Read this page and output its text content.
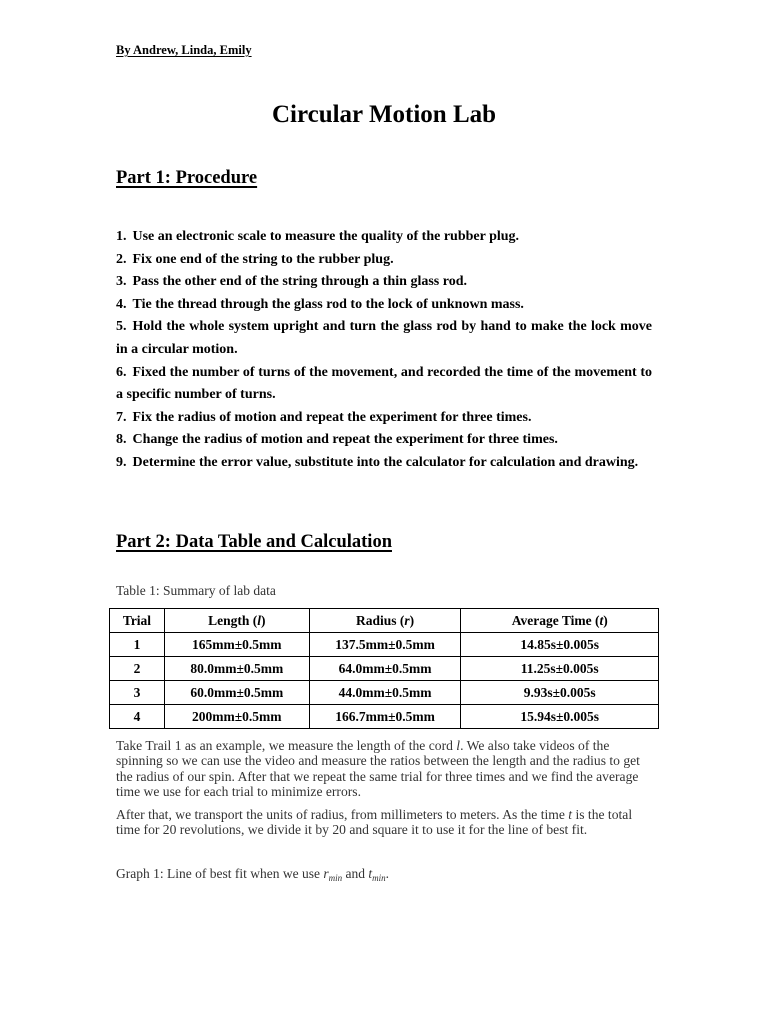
By Andrew, Linda, Emily
Circular Motion Lab
Part 1: Procedure
1. Use an electronic scale to measure the quality of the rubber plug.
2. Fix one end of the string to the rubber plug.
3. Pass the other end of the string through a thin glass rod.
4. Tie the thread through the glass rod to the lock of unknown mass.
5. Hold the whole system upright and turn the glass rod by hand to make the lock move in a circular motion.
6. Fixed the number of turns of the movement, and recorded the time of the movement to a specific number of turns.
7. Fix the radius of motion and repeat the experiment for three times.
8. Change the radius of motion and repeat the experiment for three times.
9. Determine the error value, substitute into the calculator for calculation and drawing.
Part 2: Data Table and Calculation
Table 1: Summary of lab data
Trial	Length (l)	Radius (r)	Average Time (t)
1	165mm±0.5mm	137.5mm±0.5mm	14.85s±0.005s
2	80.0mm±0.5mm	64.0mm±0.5mm	11.25s±0.005s
3	60.0mm±0.5mm	44.0mm±0.5mm	9.93s±0.005s
4	200mm±0.5mm	166.7mm±0.5mm	15.94s±0.005s

Take Trail 1 as an example, we measure the length of the cord l. We also take videos of the spinning so we can use the video and measure the ratios between the length and the radius to get the radius of our spin. After that we repeat the same trial for three times and we find the average time we use for each trial to minimize errors.

After that, we transport the units of radius, from millimeters to meters. As the time t is the total time for 20 revolutions, we divide it by 20 and square it to use it for the line of best fit.

Graph 1: Line of best fit when we use $r_{min}$ and $t_{min}$.
